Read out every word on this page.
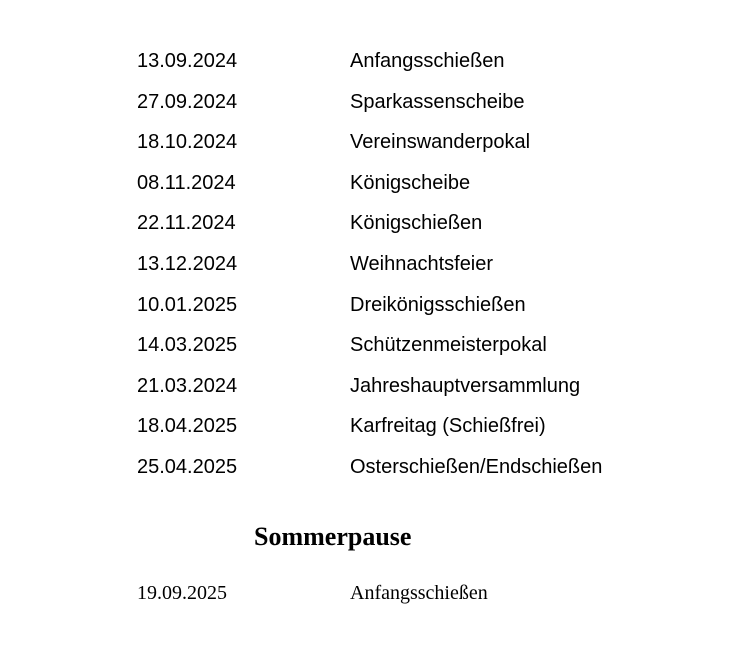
13.09.2024	Anfangsschießen
27.09.2024	Sparkassenscheibe
18.10.2024	Vereinswanderpokal
08.11.2024	Königscheibe
22.11.2024	Königschießen
13.12.2024	Weihnachtsfeier
10.01.2025	Dreikönigsschießen
14.03.2025	Schützenmeisterpokal
21.03.2024	Jahreshauptversammlung
18.04.2025	Karfreitag (Schießfrei)
25.04.2025	Osterschießen/Endschießen
Sommerpause
19.09.2025	Anfangsschießen
